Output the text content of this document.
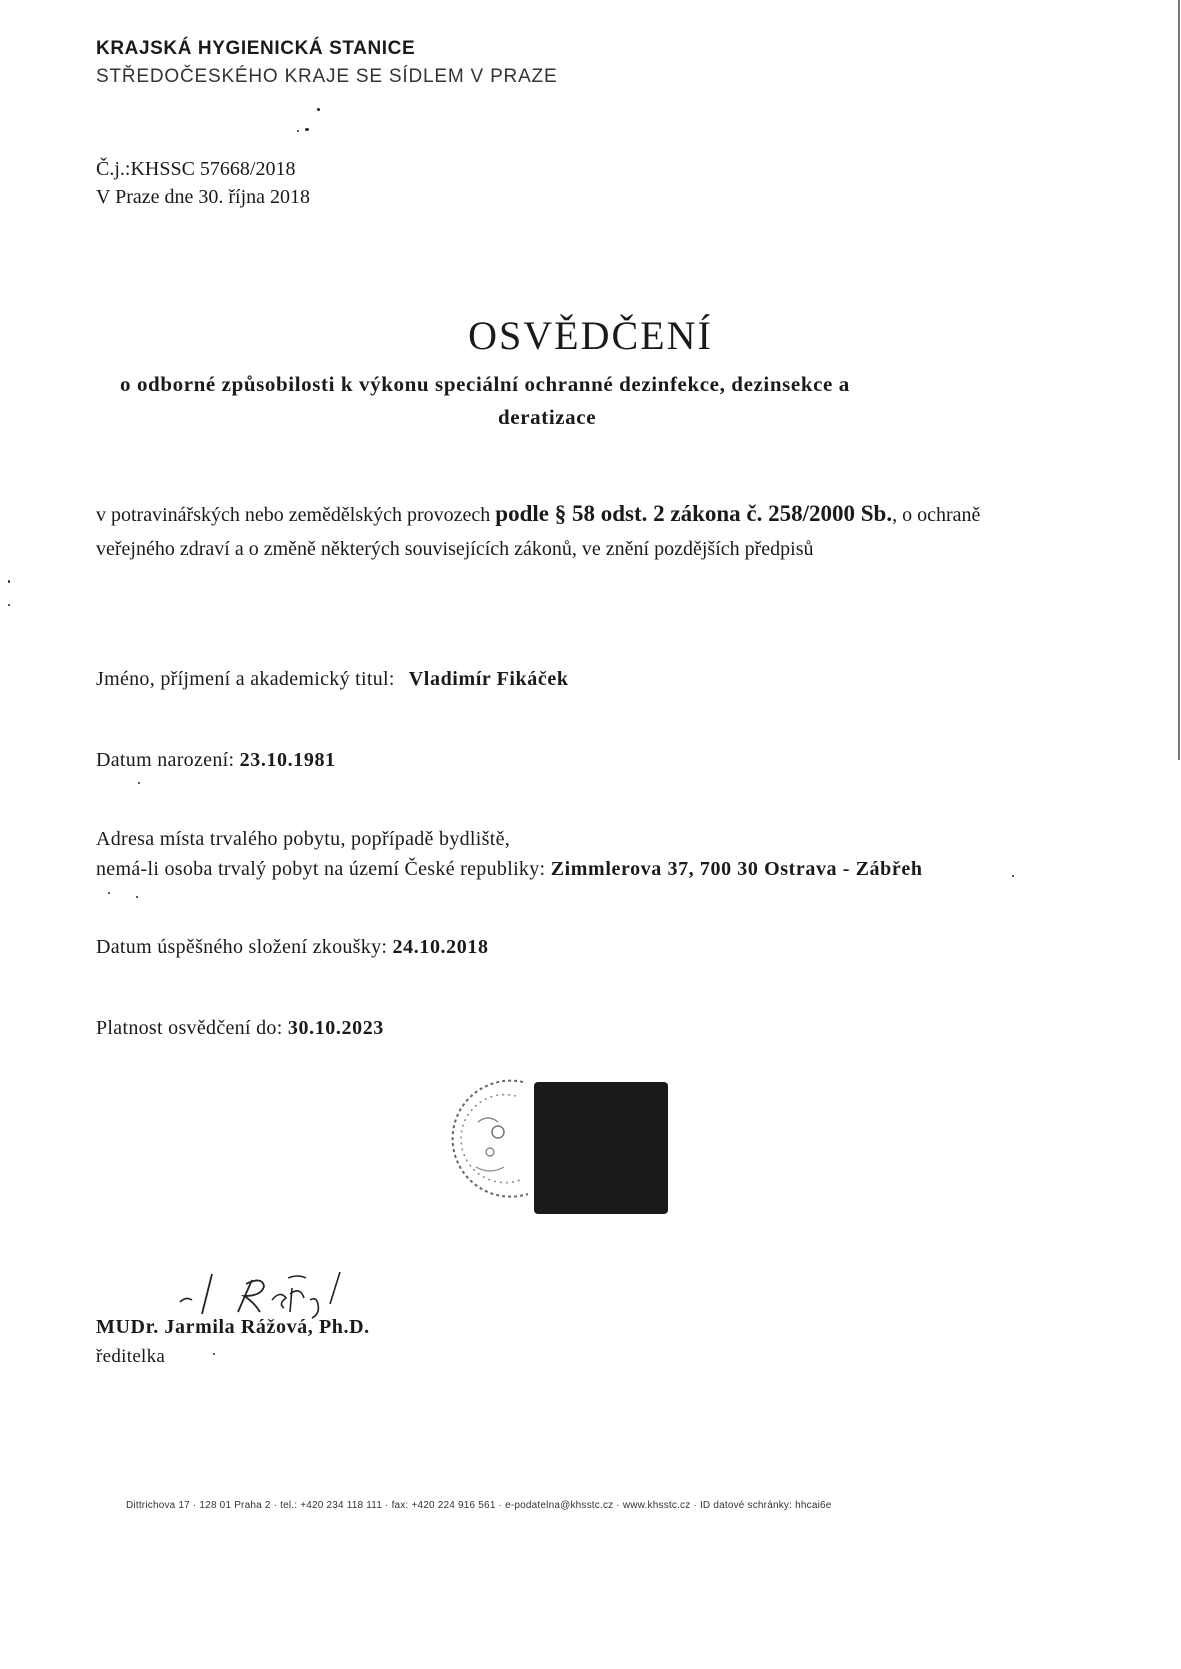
KRAJSKÁ HYGIENICKÁ STANICE
STŘEDOČESKÉHO KRAJE SE SÍDLEM V PRAZE
Č.j.:KHSSC 57668/2018
V Praze dne 30. října 2018
OSVĚDČENÍ
o odborné způsobilosti k výkonu speciální ochranné dezinfekce, dezinsekce a
deratizace
v potravinářských nebo zemědělských provozech podle § 58 odst. 2 zákona č. 258/2000 Sb., o ochraně veřejného zdraví a o změně některých souvisejících zákonů, ve znění pozdějších předpisů
Jméno, příjmení a akademický titul: Vladimír Fikáček
Datum narození: 23.10.1981
Adresa místa trvalého pobytu, popřípadě bydliště,
nemá-li osoba trvalý pobyt na území České republiky: Zimmlerova 37, 700 30 Ostrava - Zábřeh
Datum úspěšného složení zkoušky: 24.10.2018
Platnost osvědčení do: 30.10.2023
MUDr. Jarmila Rážová, Ph.D.
ředitelka
Dittrichova 17 · 128 01 Praha 2 · tel.: +420 234 118 111 · fax: +420 224 916 561 · e-podatelna@khsstc.cz · www.khsstc.cz · ID datové schránky: hhcai6e
